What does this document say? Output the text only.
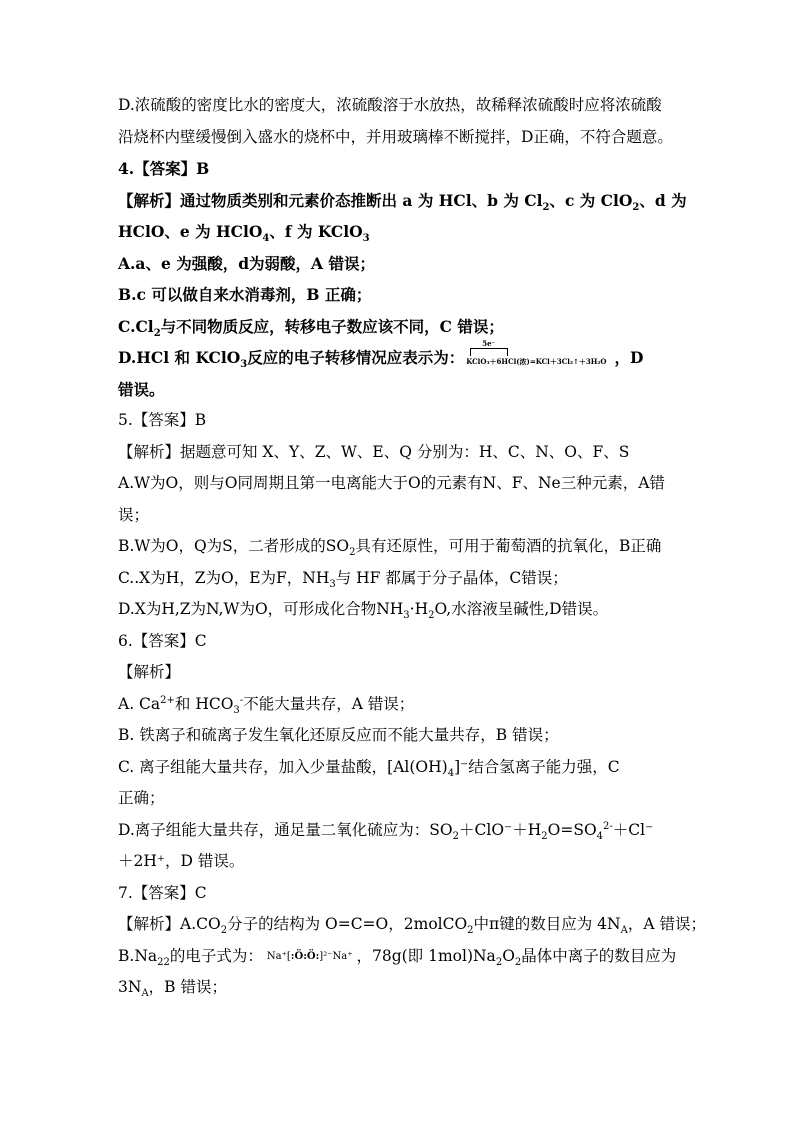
D.浓硫酸的密度比水的密度大，浓硫酸溶于水放热，故稀释浓硫酸时应将浓硫酸
沿烧杯内壁缓慢倒入盛水的烧杯中，并用玻璃棒不断搅拌，D正确，不符合题意。
4.【答案】B
【解析】通过物质类别和元素价态推断出 a 为 HCl、b 为 $Cl_2$、c 为 ClO$_2$、d 为
HClO、e 为 HClO$_4$、f 为 KClO$_3$
A.a、e 为强酸，d为弱酸，A 错误；
B.c 可以做自来水消毒剂，B 正确；
$C.Cl_2$与不同物质反应，转移电子数应该不同，C 错误；
D.HCl 和 KClO$_3$反应的电子转移情况应表示为：
5e⁻
KClO₃＋6HCl(浓)=KCl＋3Cl₂↑＋3H₂O ，D
错误。
5.【答案】B
【解析】据题意可知 X、Y、Z、W、E、Q 分别为：H、C、N、O、F、S
A.W为O，则与O同周期且第一电离能大于O的元素有N、F、Ne三种元素，A错
误；
B.W为O，Q为S，二者形成的$SO_2$具有还原性，可用于葡萄酒的抗氧化，B正确
C..X为H，Z为O，E为F，$NH_3$与 HF 都属于分子晶体，C错误；
D.X为H,Z为N,W为O，可形成化合物$NH_3\cdot H_2O$,水溶液呈碱性,D错误。
6.【答案】C
【解析】
A. $Ca^{2+}$和 $HCO_3^-$不能大量共存，A 错误；
B. 铁离子和硫离子发生氧化还原反应而不能大量共存，B 错误；
C. 离子组能大量共存，加入少量盐酸，$[Al(OH)_4]^-$结合氢离子能力强，C
正确；
D.离子组能大量共存，通足量二氧化硫应为：$SO_2+ClO^-+H_2O=SO_4^{2-}+Cl^-$
＋2H⁺，D 错误。
7.【答案】C
【解析】$A.CO_2$分子的结构为 O=C=O，2molCO$_2$中π键的数目应为 $4N_A$，A 错误；
$B.Na_{22}$的电子式为： Na⁺[:Ö:Ö:]²⁻Na⁺ ，78g(即 $1mol)Na_2O_2$晶体中离子的数目应为
$3N_A$，B 错误；
